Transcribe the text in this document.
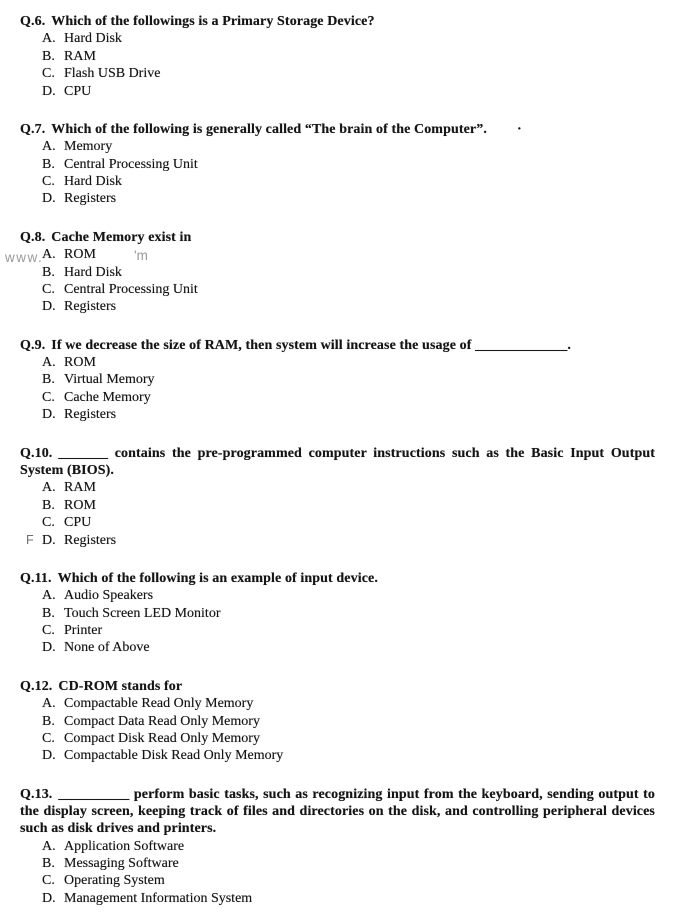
www.	'm

Q.6. Which of the followings is a Primary Storage Device?

A. Hard Disk
B. RAM
C. Flash USB Drive
D. CPU

Q.7. Which of the following is generally called “The brain of the Computer”. ·

A. Memory
B. Central Processing Unit
C. Hard Disk
D. Registers

Q.8. Cache Memory exist in

A. ROM
B. Hard Disk
C. Central Processing Unit
D. Registers

Q.9. If we decrease the size of RAM, then system will increase the usage of _____________.

A. ROM
B. Virtual Memory
C. Cache Memory
D. Registers

Q.10. _______ contains the pre-programmed computer instructions such as the Basic Input Output System (BIOS).

A. RAM
B. ROM
C. CPU
F D. Registers

Q.11. Which of the following is an example of input device.

A. Audio Speakers
B. Touch Screen LED Monitor
C. Printer
D. None of Above

Q.12. CD-ROM stands for

A. Compactable Read Only Memory
B. Compact Data Read Only Memory
C. Compact Disk Read Only Memory
D. Compactable Disk Read Only Memory

Q.13. __________ perform basic tasks, such as recognizing input from the keyboard, sending output to the display screen, keeping track of files and directories on the disk, and controlling peripheral devices such as disk drives and printers.

A. Application Software
B. Messaging Software
C. Operating System
D. Management Information System
